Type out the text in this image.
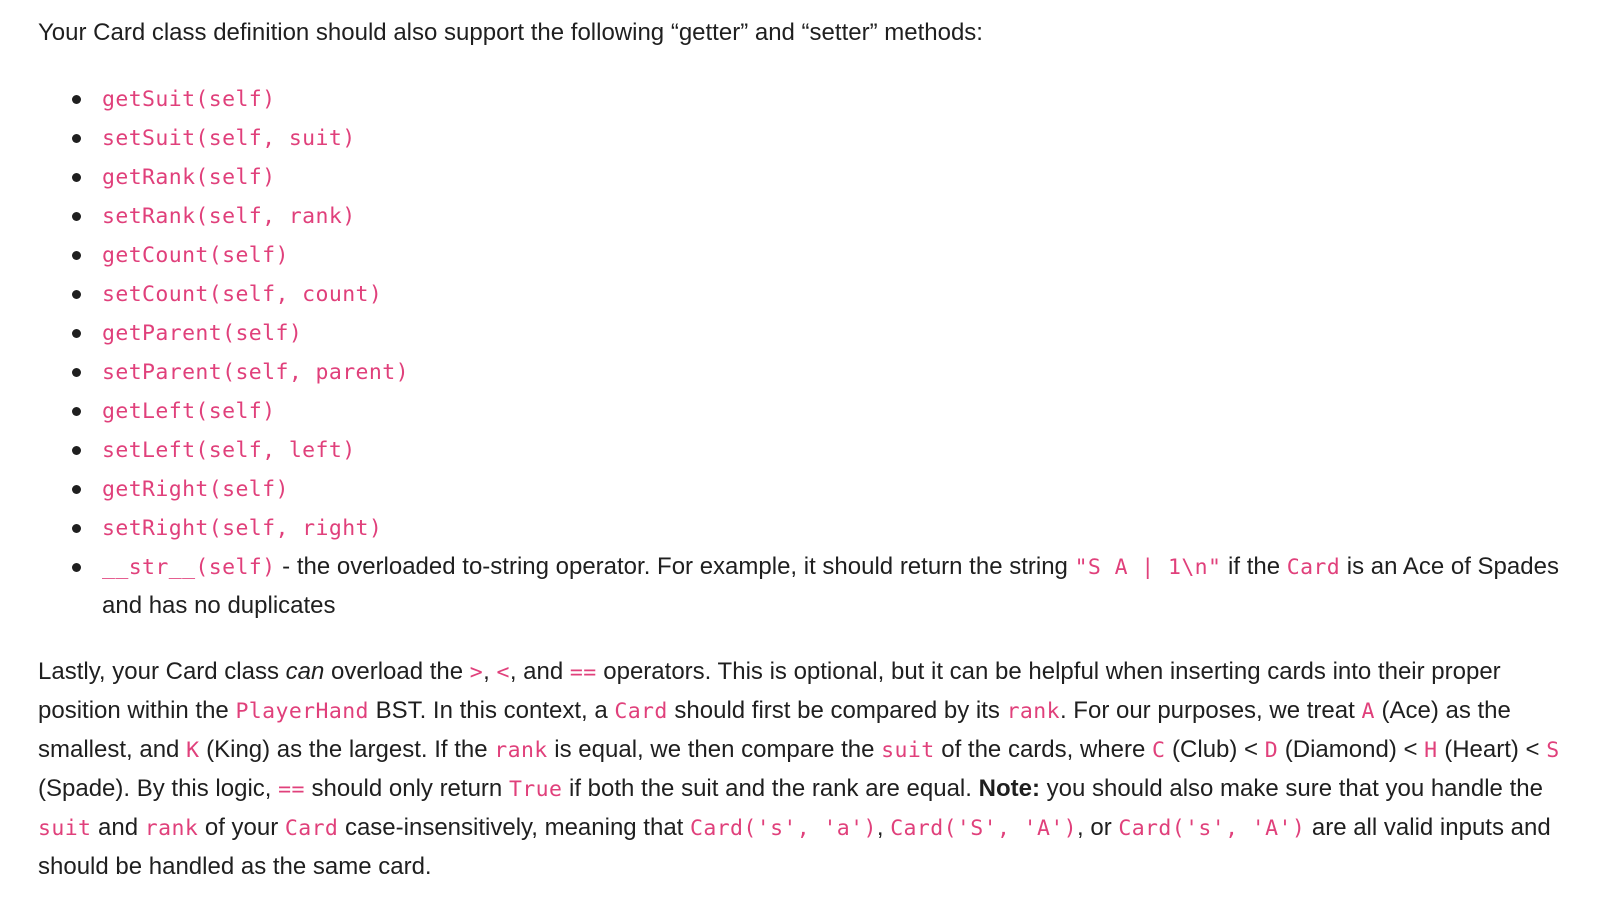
Your Card class definition should also support the following “getter” and “setter” methods:

getSuit(self)
setSuit(self, suit)
getRank(self)
setRank(self, rank)
getCount(self)
setCount(self, count)
getParent(self)
setParent(self, parent)
getLeft(self)
setLeft(self, left)
getRight(self)
setRight(self, right)
__str__(self) - the overloaded to-string operator. For example, it should return the string "S A | 1\n" if the Card is an Ace of Spades and has no duplicates

Lastly, your Card class can overload the >, <, and == operators. This is optional, but it can be helpful when inserting cards into their proper position within the PlayerHand BST. In this context, a Card should first be compared by its rank. For our purposes, we treat A (Ace) as the smallest, and K (King) as the largest. If the rank is equal, we then compare the suit of the cards, where C (Club) < D (Diamond) < H (Heart) < S (Spade). By this logic, == should only return True if both the suit and the rank are equal. Note: you should also make sure that you handle the suit and rank of your Card case-insensitively, meaning that Card('s', 'a'), Card('S', 'A'), or Card('s', 'A') are all valid inputs and should be handled as the same card.
